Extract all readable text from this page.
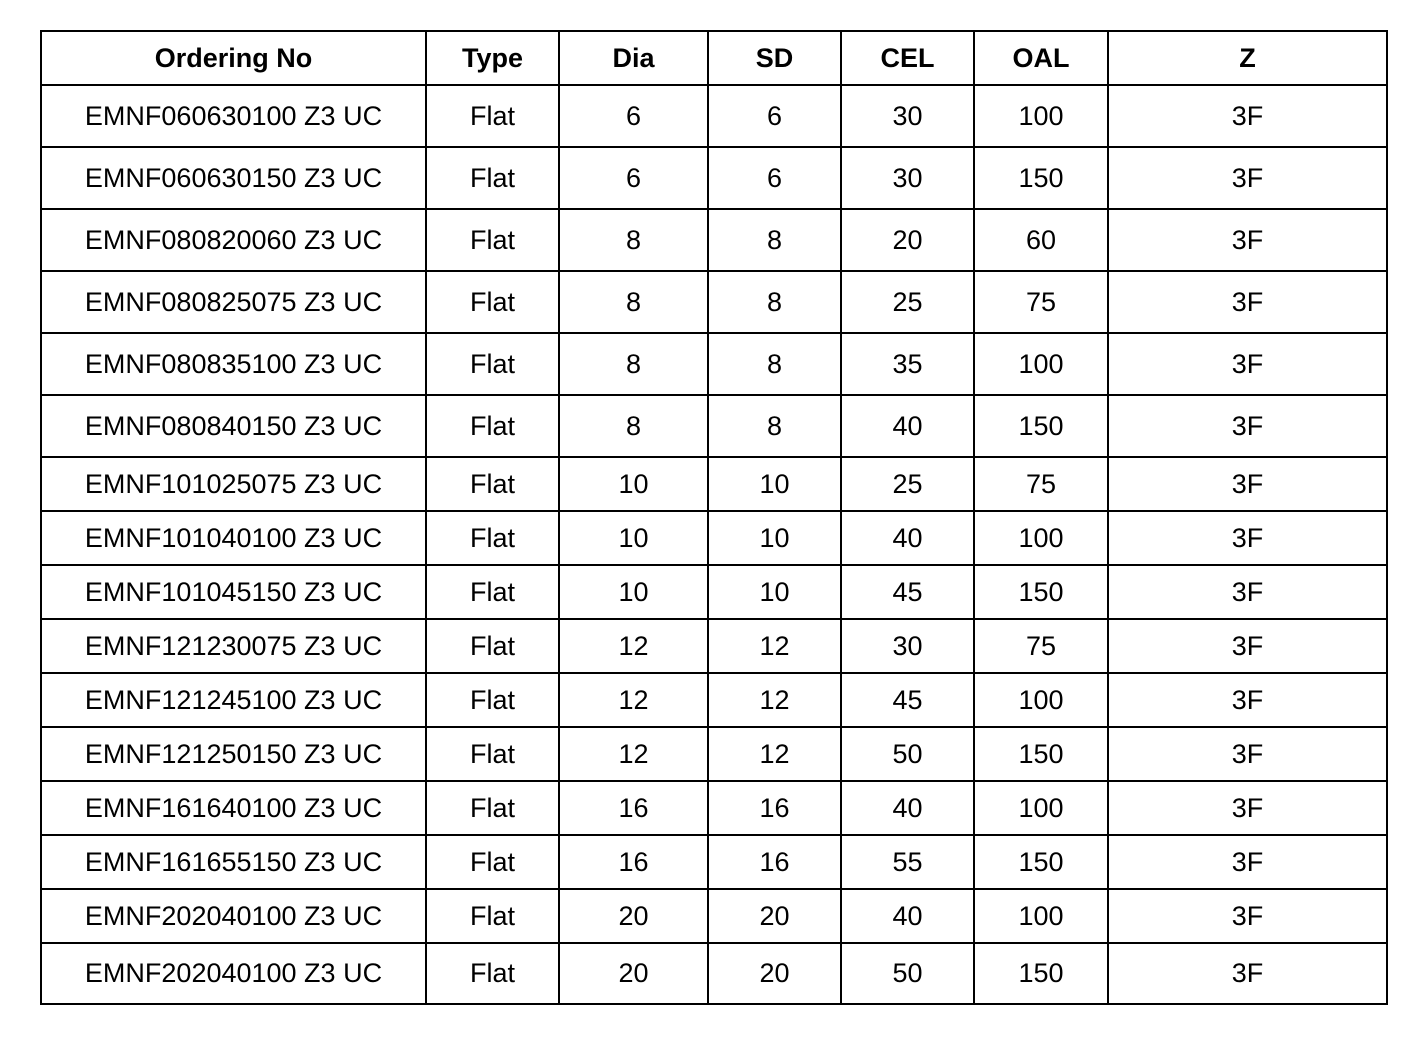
Ordering No	Type	Dia	SD	CEL	OAL	Z
EMNF060630100 Z3 UC	Flat	6	6	30	100	3F
EMNF060630150 Z3 UC	Flat	6	6	30	150	3F
EMNF080820060 Z3 UC	Flat	8	8	20	60	3F
EMNF080825075 Z3 UC	Flat	8	8	25	75	3F
EMNF080835100 Z3 UC	Flat	8	8	35	100	3F
EMNF080840150 Z3 UC	Flat	8	8	40	150	3F
EMNF101025075 Z3 UC	Flat	10	10	25	75	3F
EMNF101040100 Z3 UC	Flat	10	10	40	100	3F
EMNF101045150 Z3 UC	Flat	10	10	45	150	3F
EMNF121230075 Z3 UC	Flat	12	12	30	75	3F
EMNF121245100 Z3 UC	Flat	12	12	45	100	3F
EMNF121250150 Z3 UC	Flat	12	12	50	150	3F
EMNF161640100 Z3 UC	Flat	16	16	40	100	3F
EMNF161655150 Z3 UC	Flat	16	16	55	150	3F
EMNF202040100 Z3 UC	Flat	20	20	40	100	3F
EMNF202040100 Z3 UC	Flat	20	20	50	150	3F
